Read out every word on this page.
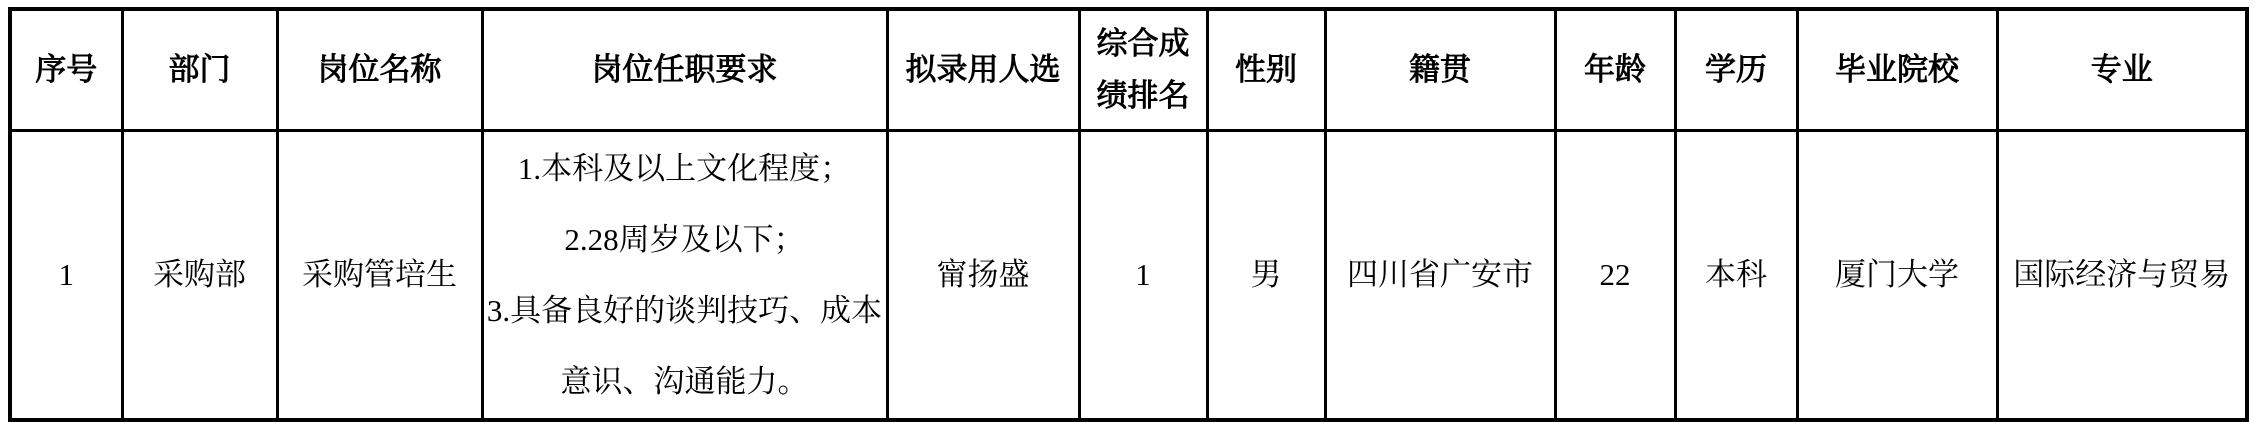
序号	部门	岗位名称	岗位任职要求	拟录用人选	综合成绩排名	性别	籍贯	年龄	学历	毕业院校	专业
1	采购部	采购管培生	1.本科及以上文化程度；
2.28周岁及以下；
3.具备良好的谈判技巧、成本意识、沟通能力。	甯扬盛	1	男	四川省广安市	22	本科	厦门大学	国际经济与贸易
